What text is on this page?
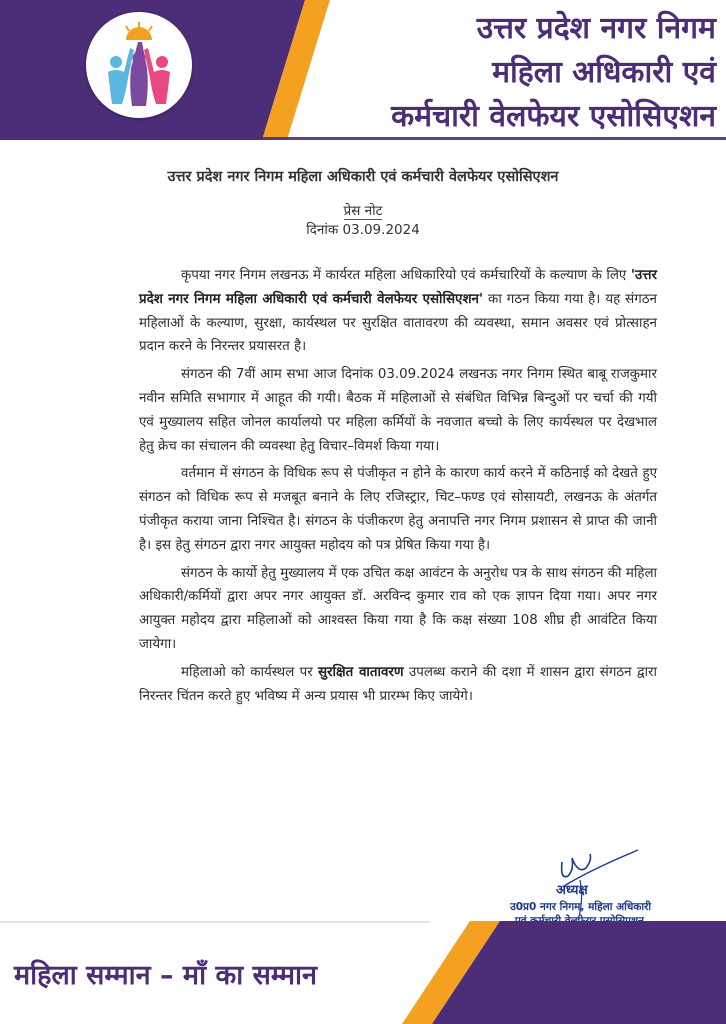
उत्तर प्रदेश नगर निगम
महिला अधिकारी एवं
कर्मचारी वेलफेयर एसोसिएशन
उत्तर प्रदेश नगर निगम महिला अधिकारी एवं कर्मचारी वेलफेयर एसोसिएशन
प्रेस नोट
दिनांक 03.09.2024

कृपया नगर निगम लखनऊ में कार्यरत महिला अधिकारियो एवं कर्मचारियों के कल्याण के लिए 'उत्तर प्रदेश नगर निगम महिला अधिकारी एवं कर्मचारी वेलफेयर एसोसिएशन' का गठन किया गया है। यह संगठन महिलाओं के कल्याण, सुरक्षा, कार्यस्थल पर सुरक्षित वातावरण की व्यवस्था, समान अवसर एवं प्रोत्साहन प्रदान करने के निरन्तर प्रयासरत है।

संगठन की 7वीं आम सभा आज दिनांक 03.09.2024 लखनऊ नगर निगम स्थित बाबू राजकुमार नवीन समिति सभागार में आहूत की गयी। बैठक में महिलाओं से संबंधित विभिन्न बिन्दुओं पर चर्चा की गयी एवं मुख्यालय सहित जोनल कार्यालयो पर महिला कर्मियों के नवजात बच्चो के लिए कार्यस्थल पर देखभाल हेतु क्रेच का संचालन की व्यवस्था हेतु विचार–विमर्श किया गया।

वर्तमान में संगठन के विधिक रूप से पंजीकृत न होने के कारण कार्य करने में कठिनाई को देखते हुए संगठन को विधिक रूप से मजबूत बनाने के लिए रजिस्ट्रार, चिट–फण्ड एवं सोसायटी, लखनऊ के अंतर्गत पंजीकृत कराया जाना निश्चित है। संगठन के पंजीकरण हेतु अनापत्ति नगर निगम प्रशासन से प्राप्त की जानी है। इस हेतु संगठन द्वारा नगर आयुक्त महोदय को पत्र प्रेषित किया गया है।

संगठन के कार्यो हेतु मुख्यालय में एक उचित कक्ष आवंटन के अनुरोध पत्र के साथ संगठन की महिला अधिकारी/कर्मियों द्वारा अपर नगर आयुक्त डॉ. अरविन्द कुमार राव को एक ज्ञापन दिया गया। अपर नगर आयुक्त महोदय द्वारा महिलाओं को आश्वस्त किया गया है कि कक्ष संख्या 108 शीघ्र ही आवंटित किया जायेगा।

महिलाओ को कार्यस्थल पर सुरक्षित वातावरण उपलब्ध कराने की दशा में शासन द्वारा संगठन द्वारा निरन्तर चिंतन करते हुए भविष्य में अन्य प्रयास भी प्रारम्भ किए जायेगे।

अध्यक्ष
उ0प्र0 नगर निगम, महिला अधिकारी
महिला सम्मान – माँ का सम्मान
